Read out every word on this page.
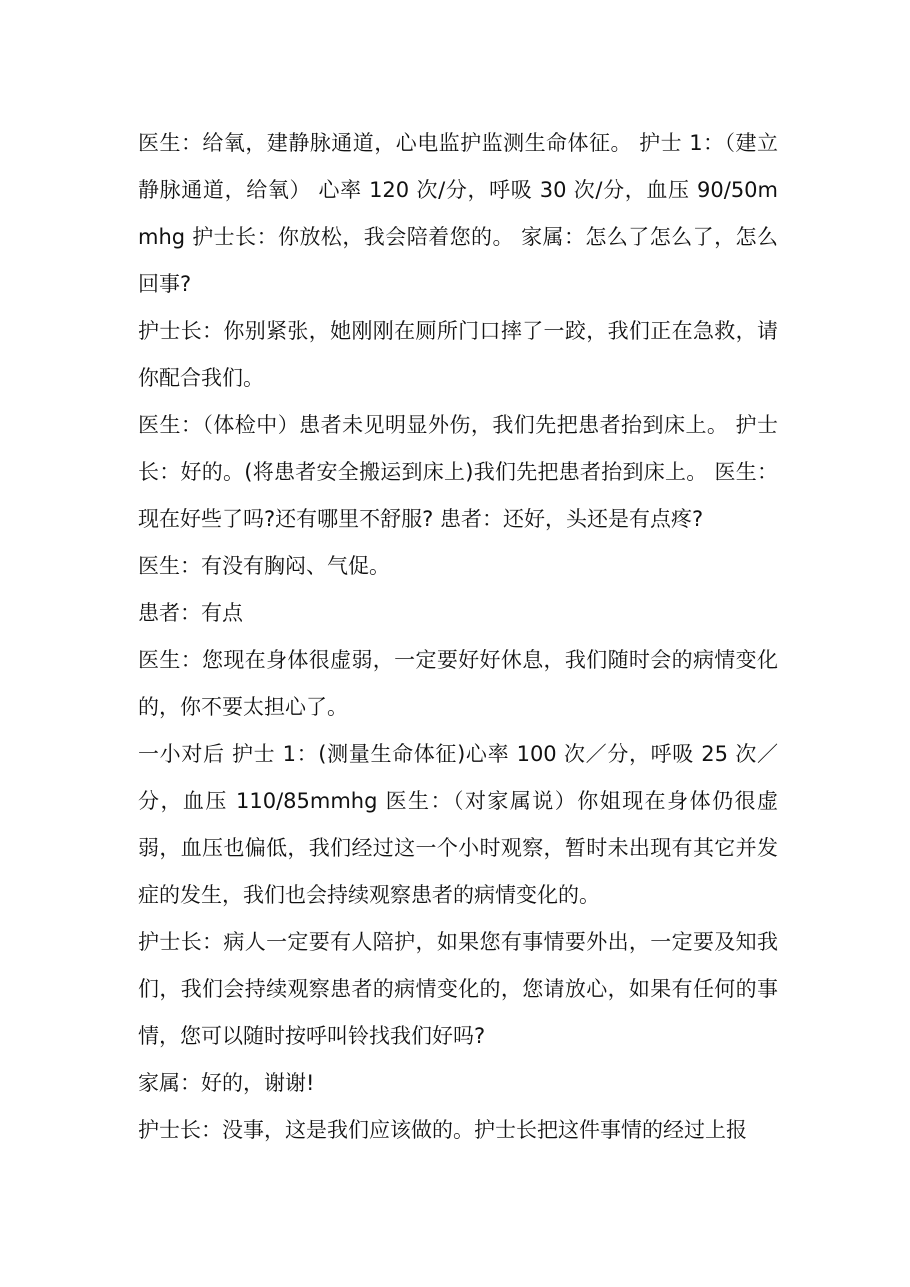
医生：给氧，建静脉通道，心电监护监测生命体征。 护士 1：（建立静脉通道，给氧） 心率 120 次/分，呼吸 30 次/分，血压 90/50mmhg 护士长：你放松，我会陪着您的。 家属：怎么了怎么了，怎么回事?

护士长：你别紧张，她刚刚在厕所门口摔了一跤，我们正在急救，请你配合我们。

医生：（体检中）患者未见明显外伤，我们先把患者抬到床上。 护士长：好的。(将患者安全搬运到床上)我们先把患者抬到床上。 医生：现在好些了吗?还有哪里不舒服? 患者：还好，头还是有点疼?

医生：有没有胸闷、气促。

患者：有点

医生：您现在身体很虚弱，一定要好好休息，我们随时会的病情变化的，你不要太担心了。

一小对后 护士 1：(测量生命体征)心率 100 次／分，呼吸 25 次／分，血压 110/85mmhg 医生：（对家属说）你姐现在身体仍很虚弱，血压也偏低，我们经过这一个小时观察，暂时未出现有其它并发症的发生，我们也会持续观察患者的病情变化的。

护士长：病人一定要有人陪护，如果您有事情要外出，一定要及知我们，我们会持续观察患者的病情变化的，您请放心，如果有任何的事情，您可以随时按呼叫铃找我们好吗?

家属：好的，谢谢!

护士长：没事，这是我们应该做的。护士长把这件事情的经过上报
